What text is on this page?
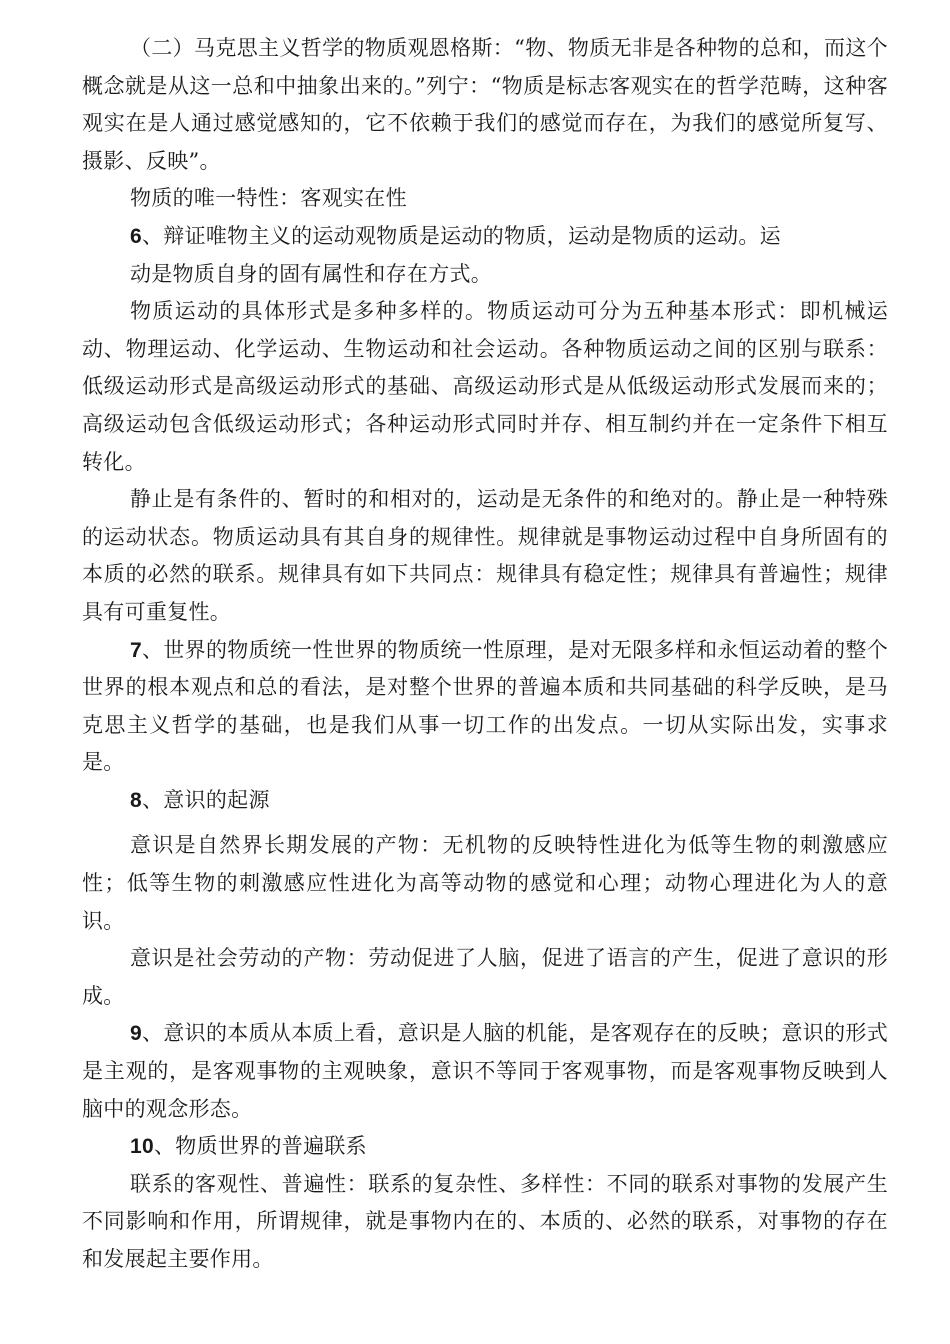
（二）马克思主义哲学的物质观恩格斯：“物、物质无非是各种物的总和，而这个概念就是从这一总和中抽象出来的。”列宁：“物质是标志客观实在的哲学范畴，这种客观实在是人通过感觉感知的，它不依赖于我们的感觉而存在，为我们的感觉所复写、摄影、反映”。

物质的唯一特性：客观实在性

6、辩证唯物主义的运动观物质是运动的物质，运动是物质的运动。运

动是物质自身的固有属性和存在方式。

物质运动的具体形式是多种多样的。物质运动可分为五种基本形式：即机械运动、物理运动、化学运动、生物运动和社会运动。各种物质运动之间的区别与联系：低级运动形式是高级运动形式的基础、高级运动形式是从低级运动形式发展而来的；高级运动包含低级运动形式；各种运动形式同时并存、相互制约并在一定条件下相互转化。

静止是有条件的、暂时的和相对的，运动是无条件的和绝对的。静止是一种特殊的运动状态。物质运动具有其自身的规律性。规律就是事物运动过程中自身所固有的本质的必然的联系。规律具有如下共同点：规律具有稳定性；规律具有普遍性；规律具有可重复性。

7、世界的物质统一性世界的物质统一性原理，是对无限多样和永恒运动着的整个世界的根本观点和总的看法，是对整个世界的普遍本质和共同基础的科学反映，是马克思主义哲学的基础，也是我们从事一切工作的出发点。一切从实际出发，实事求是。

8、意识的起源

意识是自然界长期发展的产物：无机物的反映特性进化为低等生物的刺激感应性；低等生物的刺激感应性进化为高等动物的感觉和心理；动物心理进化为人的意识。

意识是社会劳动的产物：劳动促进了人脑，促进了语言的产生，促进了意识的形成。

9、意识的本质从本质上看，意识是人脑的机能，是客观存在的反映；意识的形式是主观的，是客观事物的主观映象，意识不等同于客观事物，而是客观事物反映到人脑中的观念形态。

10、物质世界的普遍联系

联系的客观性、普遍性：联系的复杂性、多样性：不同的联系对事物的发展产生不同影响和作用，所谓规律，就是事物内在的、本质的、必然的联系，对事物的存在和发展起主要作用。
